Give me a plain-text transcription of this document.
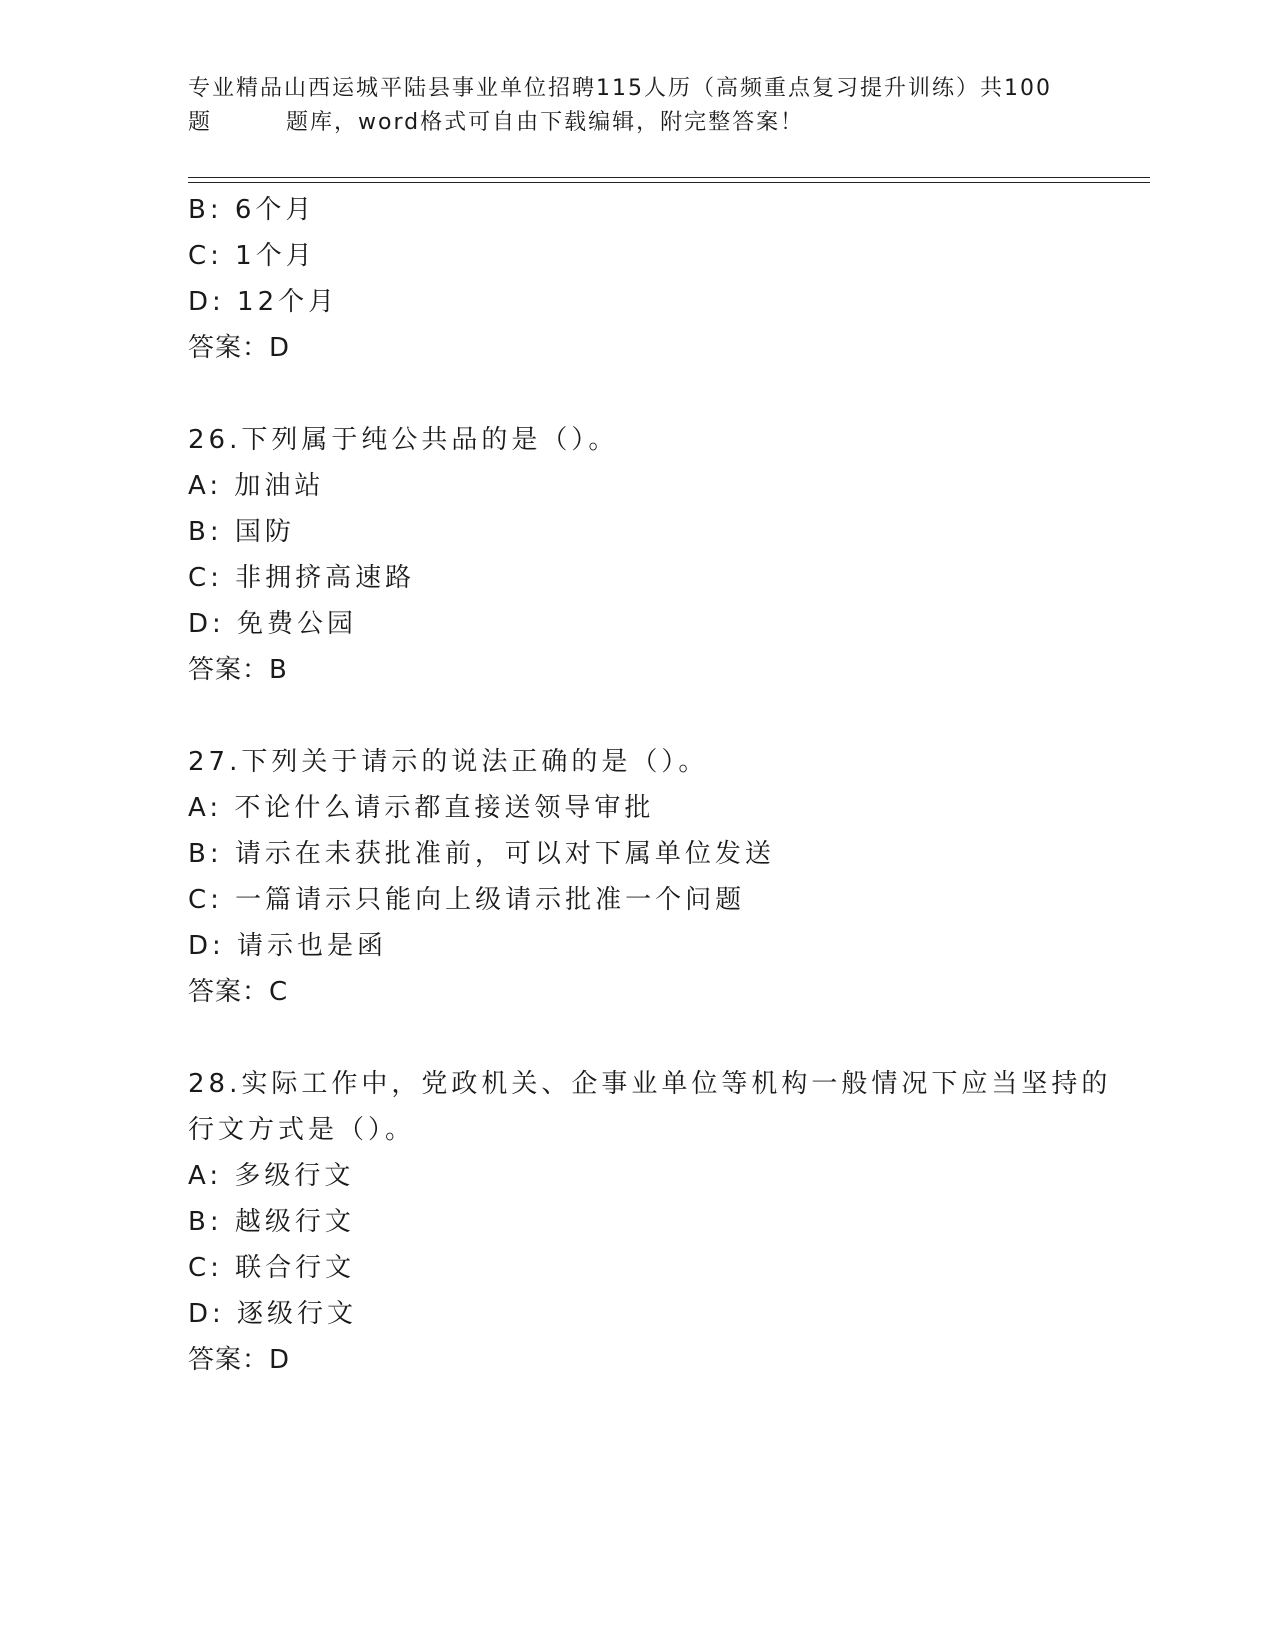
专业精品山西运城平陆县事业单位招聘115人历（高频重点复习提升训练）共100
题	题库，word格式可自由下载编辑，附完整答案！
B: 6个月
C: 1个月
D: 12个月
答案：D
26.下列属于纯公共品的是（）。
A: 加油站
B: 国防
C: 非拥挤高速路
D: 免费公园
答案：B
27.下列关于请示的说法正确的是（）。
A: 不论什么请示都直接送领导审批
B: 请示在未获批准前，可以对下属单位发送
C: 一篇请示只能向上级请示批准一个问题
D: 请示也是函
答案：C
28.实际工作中，党政机关、企事业单位等机构一般情况下应当坚持的
行文方式是（）。
A: 多级行文
B: 越级行文
C: 联合行文
D: 逐级行文
答案：D
